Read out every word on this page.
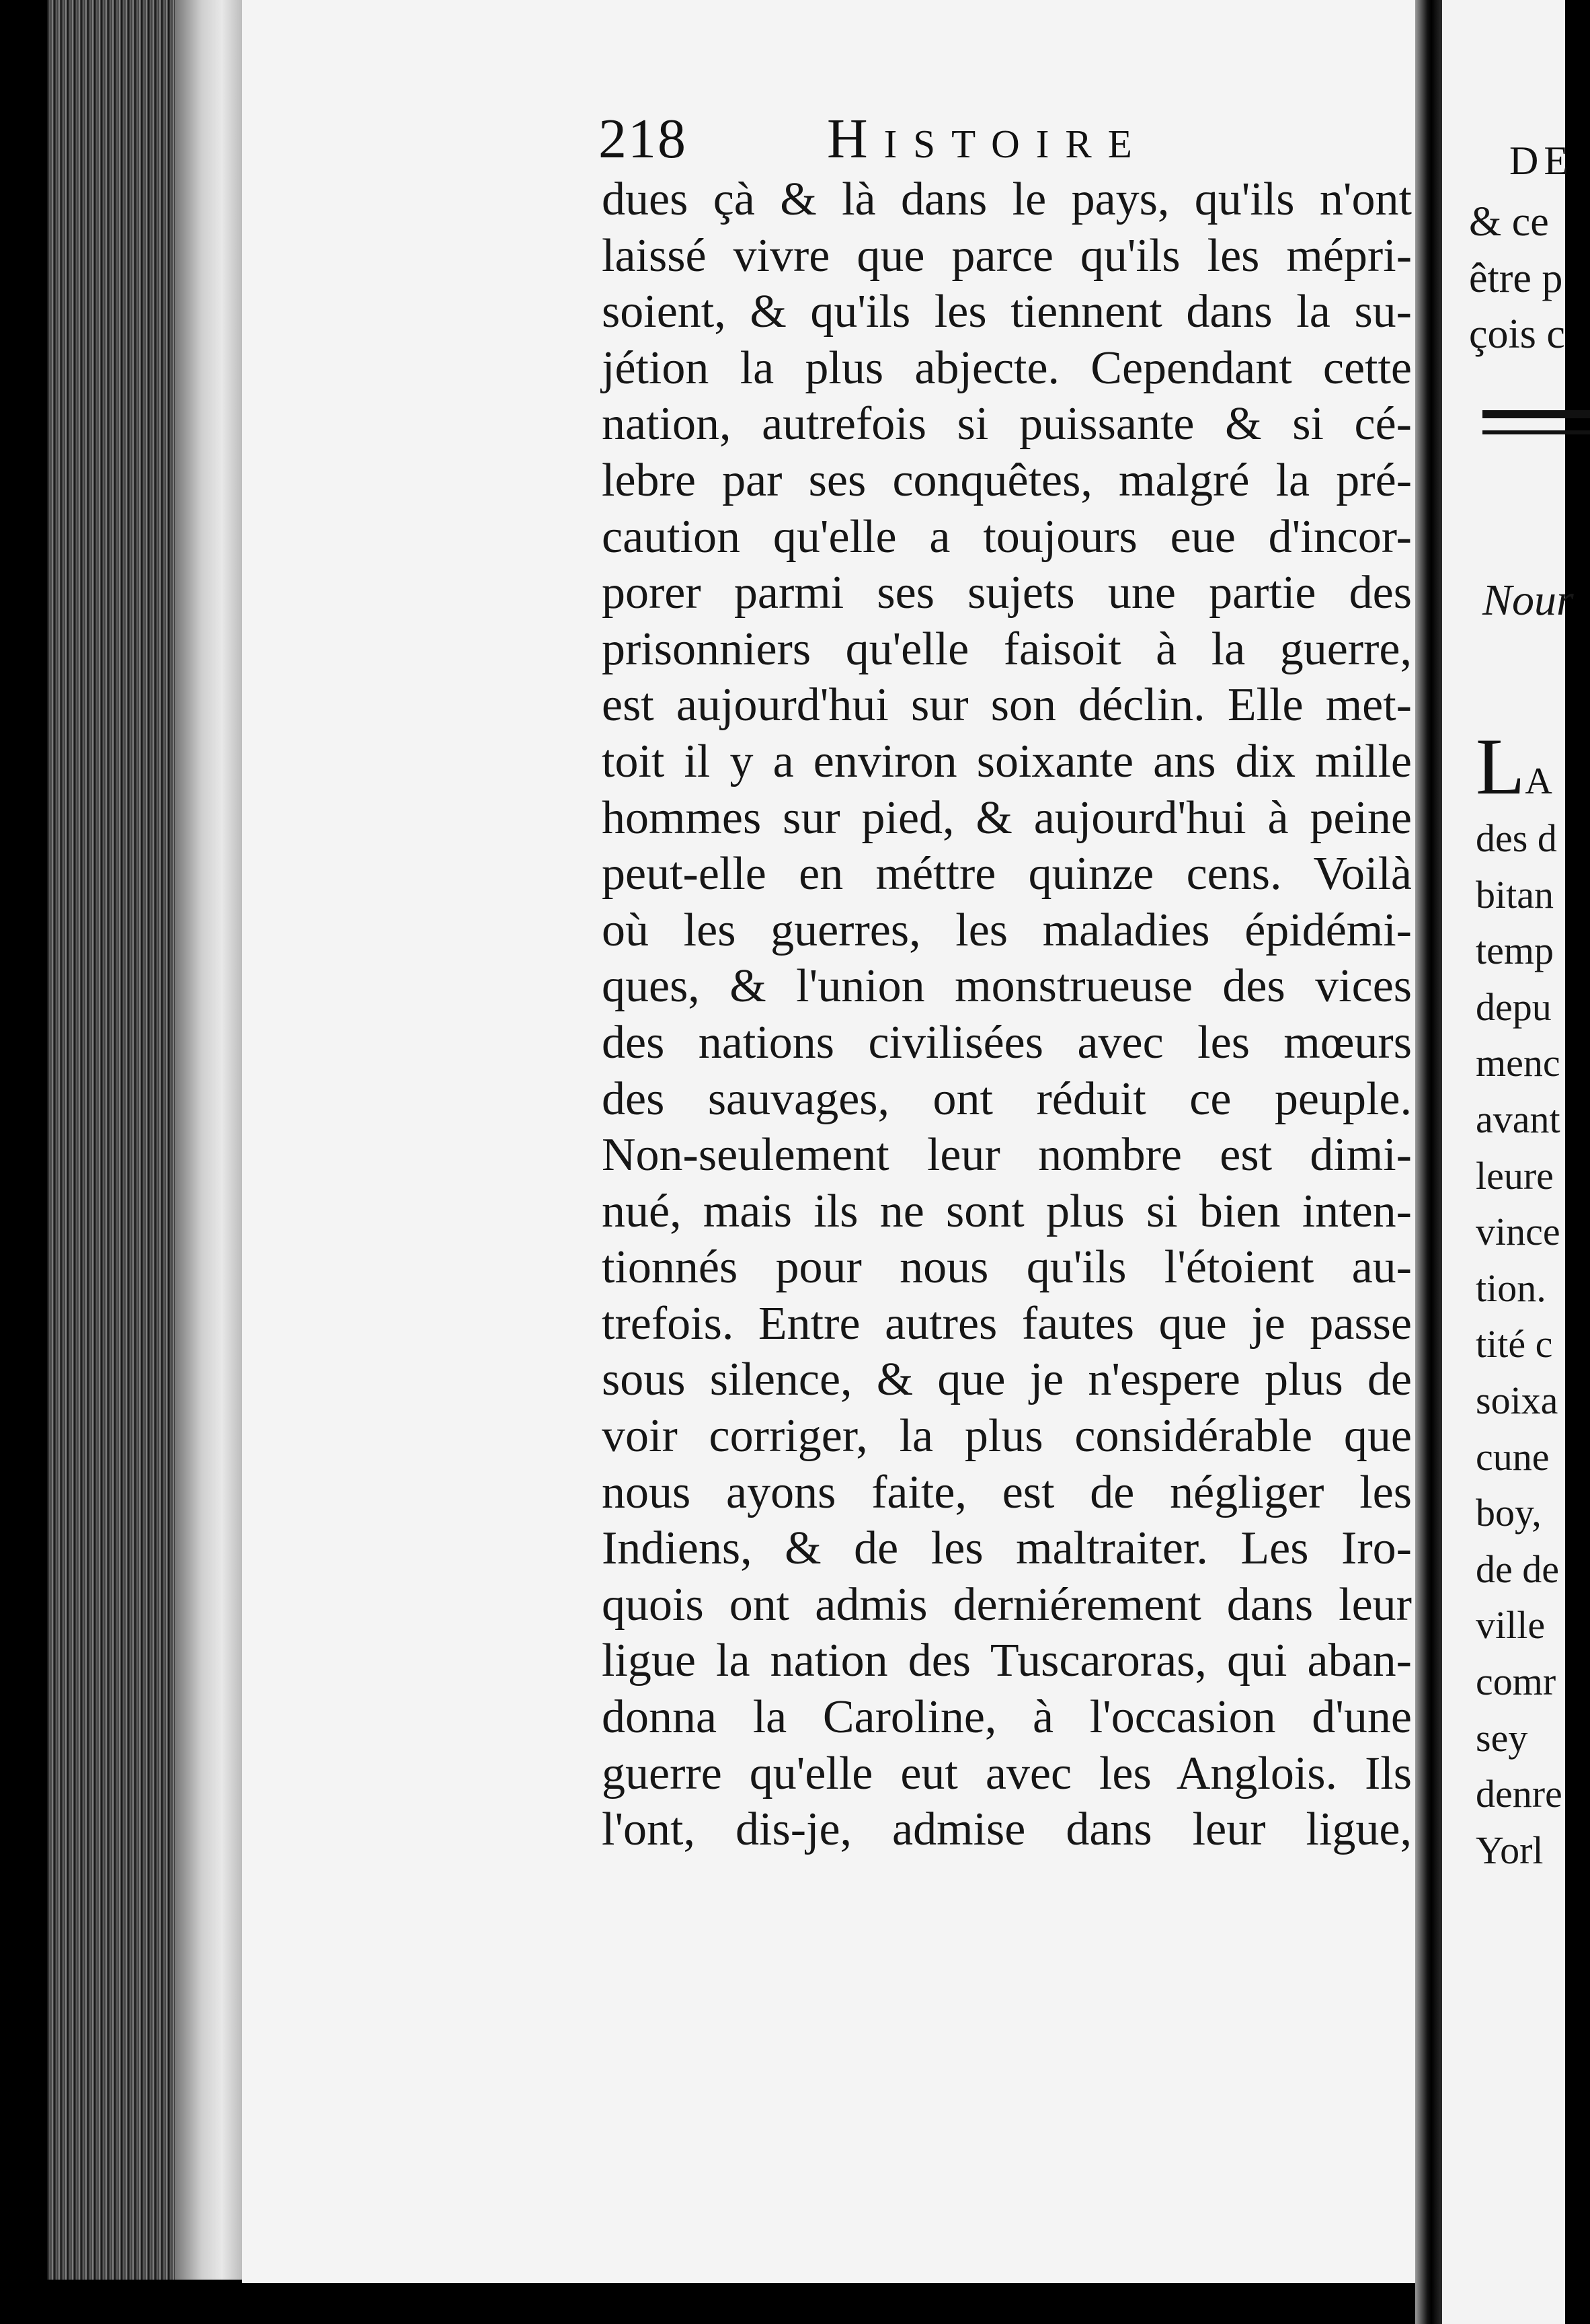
218 Histoire
dues çà & là dans le pays, qu'ils n'ont
laissé vivre que parce qu'ils les mépri-
soient, & qu'ils les tiennent dans la su-
jétion la plus abjecte. Cependant cette
nation, autrefois si puissante & si cé-
lebre par ses conquêtes, malgré la pré-
caution qu'elle a toujours eue d'incor-
porer parmi ses sujets une partie des
prisonniers qu'elle faisoit à la guerre,
est aujourd'hui sur son déclin. Elle met-
toit il y a environ soixante ans dix mille
hommes sur pied, & aujourd'hui à peine
peut-elle en méttre quinze cens. Voilà
où les guerres, les maladies épidémi-
ques, & l'union monstrueuse des vices
des nations civilisées avec les mœurs
des sauvages, ont réduit ce peuple.
Non-seulement leur nombre est dimi-
nué, mais ils ne sont plus si bien inten-
tionnés pour nous qu'ils l'étoient au-
trefois. Entre autres fautes que je passe
sous silence, & que je n'espere plus de
voir corriger, la plus considérable que
nous ayons faite, est de négliger les
Indiens, & de les maltraiter. Les Iro-
quois ont admis derniérement dans leur
ligue la nation des Tuscaroras, qui aban-
donna la Caroline, à l'occasion d'une
guerre qu'elle eut avec les Anglois. Ils
l'ont, dis-je, admise dans leur ligue,
DE
& ce
être p
çois c
Nour
LA
des d
bitan
temp
depu
menc
avant
leure
vince
tion.
tité c
soixa
cune
boy,
de de
ville
comr
sey
denre
Yorl
